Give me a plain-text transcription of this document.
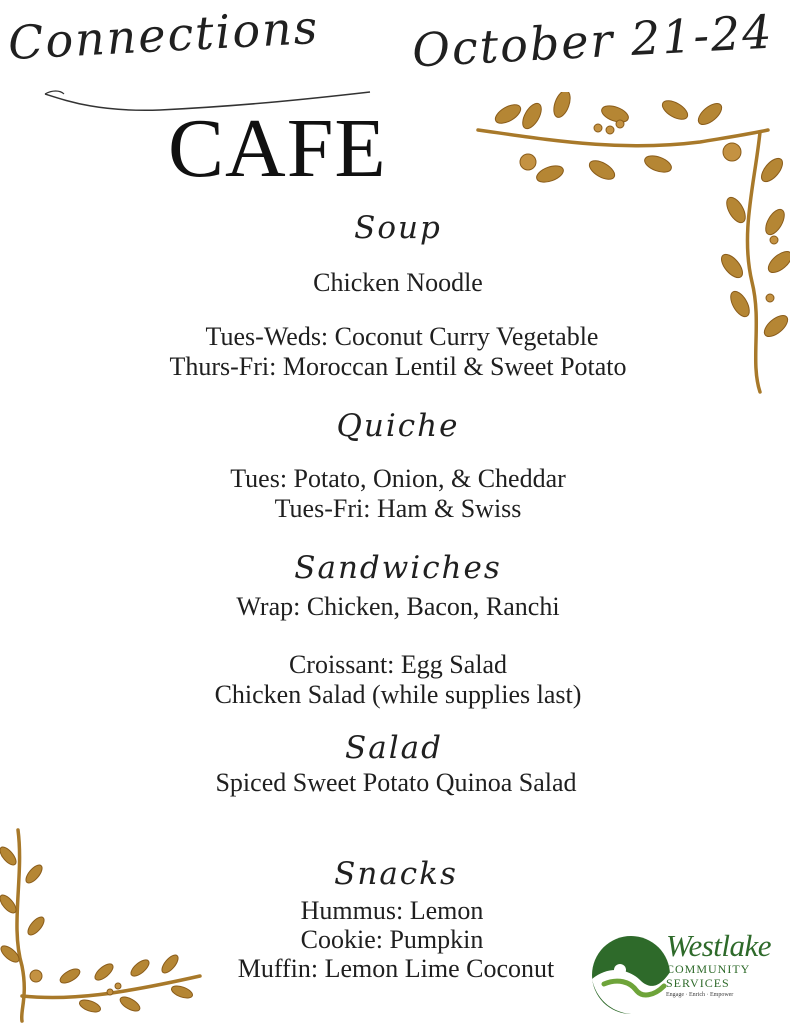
Connections October 21-24
CAFE
Soup
Chicken Noodle
Tues-Weds: Coconut Curry Vegetable
Thurs-Fri: Moroccan Lentil & Sweet Potato
Quiche
Tues: Potato, Onion, & Cheddar
Tues-Fri: Ham & Swiss
Sandwiches
Wrap: Chicken, Bacon, Ranchi
Croissant: Egg Salad
Chicken Salad (while supplies last)
Salad
Spiced Sweet Potato Quinoa Salad
Snacks
Hummus: Lemon
Cookie: Pumpkin
Muffin: Lemon Lime Coconut
Westlake
COMMUNITY
SERVICES
Engage · Enrich · Empower
